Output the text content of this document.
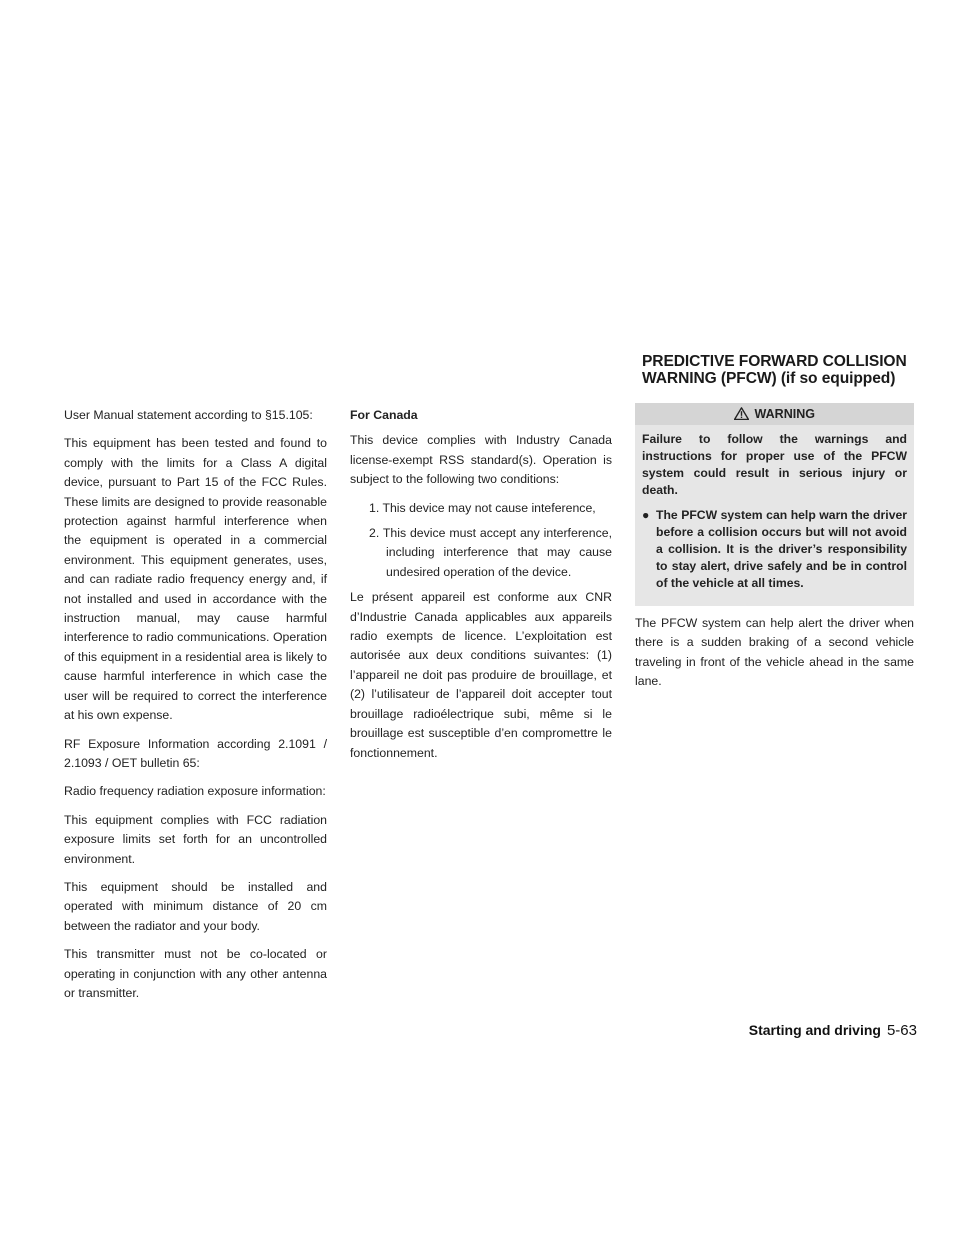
PREDICTIVE FORWARD COLLISION
WARNING (PFCW) (if so equipped)

User Manual statement according to §15.105:

This equipment has been tested and found to comply with the limits for a Class A digital device, pursuant to Part 15 of the FCC Rules. These limits are designed to provide reasonable protection against harmful interference when the equipment is operated in a commercial environment. This equipment generates, uses, and can radiate radio frequency energy and, if not installed and used in accordance with the instruction manual, may cause harmful interference to radio communications. Operation of this equipment in a residential area is likely to cause harmful interference in which case the user will be required to correct the interference at his own expense.

RF Exposure Information according 2.1091 / 2.1093 / OET bulletin 65:

Radio frequency radiation exposure information:

This equipment complies with FCC radiation exposure limits set forth for an uncontrolled environment.

This equipment should be installed and operated with minimum distance of 20 cm between the radiator and your body.

This transmitter must not be co-located or operating in conjunction with any other antenna or transmitter.

For Canada

This device complies with Industry Canada license-exempt RSS standard(s). Operation is subject to the following two conditions:

1. This device may not cause inteference,
2. This device must accept any interference, including interference that may cause undesired operation of the device.

Le présent appareil est conforme aux CNR d’Industrie Canada applicables aux appareils radio exempts de licence. L’exploitation est autorisée aux deux conditions suivantes: (1) l’appareil ne doit pas produire de brouillage, et (2) l’utilisateur de l’appareil doit accepter tout brouillage radioélectrique subi, même si le brouillage est susceptible d’en compromettre le fonctionnement.

WARNING

Failure to follow the warnings and instructions for proper use of the PFCW system could result in serious injury or death.

● The PFCW system can help warn the driver before a collision occurs but will not avoid a collision. It is the driver’s responsibility to stay alert, drive safely and be in control of the vehicle at all times.

The PFCW system can help alert the driver when there is a sudden braking of a second vehicle traveling in front of the vehicle ahead in the same lane.

Starting and driving 5-63
